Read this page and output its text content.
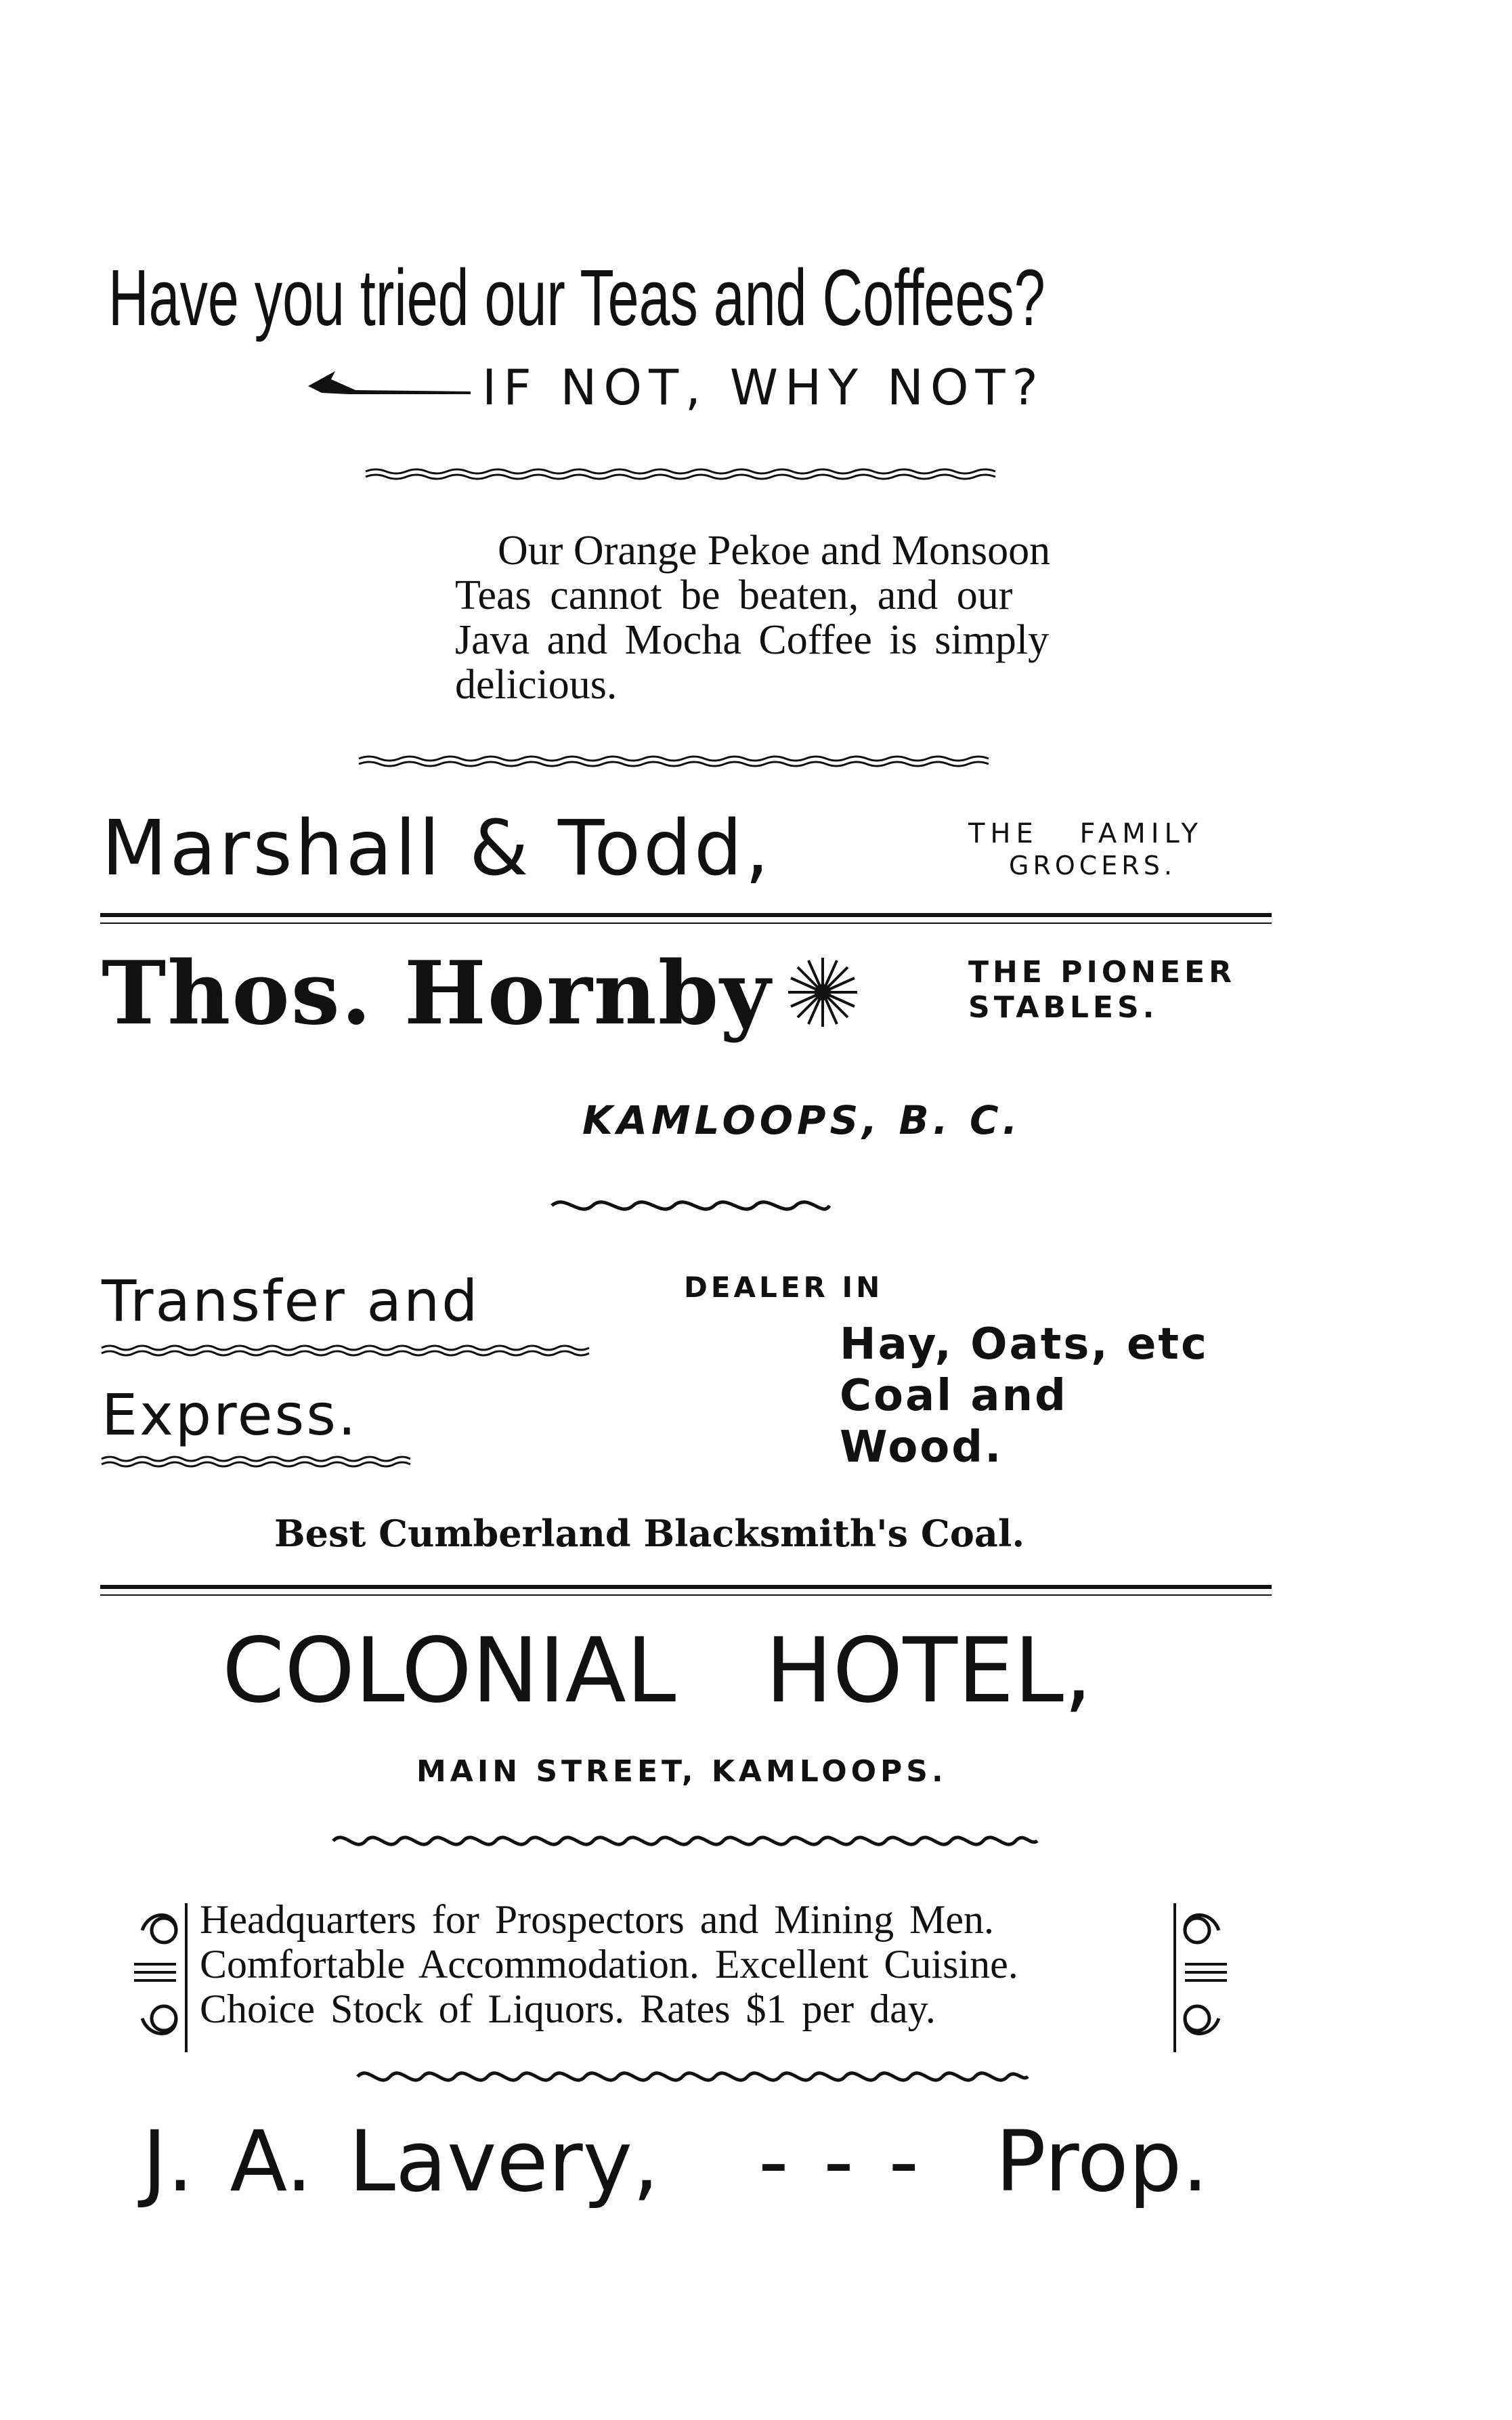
Have you tried our Teas and Coffees?
IF NOT, WHY NOT?
Our Orange Pekoe and Monsoon
Teas cannot be beaten, and our
Java and Mocha Coffee is simply
delicious.
Marshall & Todd,	THE FAMILY
GROCERS.
Thos. Hornby	THE PIONEER
STABLES.
KAMLOOPS, B. C.
Transfer and
Express.
DEALER IN
Hay, Oats, etc
Coal and
Wood.
Best Cumberland Blacksmith's Coal.
COLONIAL HOTEL,
MAIN STREET, KAMLOOPS.
Headquarters for Prospectors and Mining Men.
Comfortable Accommodation. Excellent Cuisine.
Choice Stock of Liquors. Rates $1 per day.
J. A. Lavery, - - - Prop.
